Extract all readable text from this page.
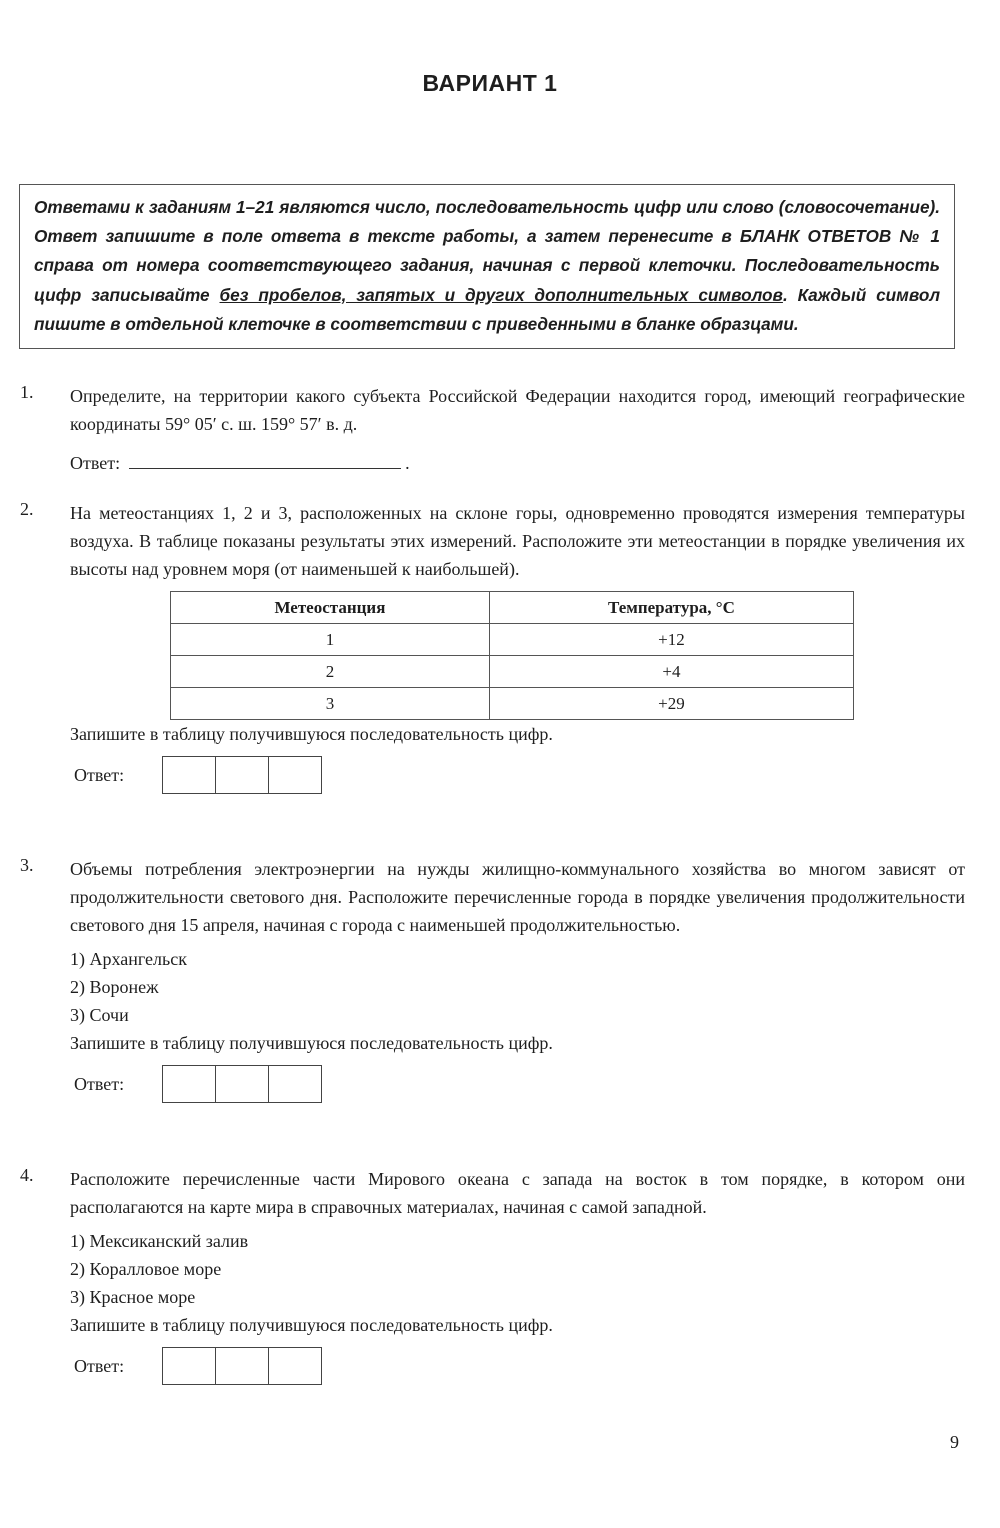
ВАРИАНТ 1
Ответами к заданиям 1–21 являются число, последовательность цифр или слово (словосочетание). Ответ запишите в поле ответа в тексте работы, а затем перенесите в БЛАНК ОТВЕТОВ № 1 справа от номера соответствующего задания, начиная с первой клеточки. Последовательность цифр записывайте без пробелов, запятых и других дополнительных символов. Каждый символ пишите в отдельной клеточке в соответствии с приведенными в бланке образцами.
1. Определите, на территории какого субъекта Российской Федерации находится город, имеющий географические координаты 59° 05′ с. ш. 159° 57′ в. д.

Ответ:	.
2. На метеостанциях 1, 2 и 3, расположенных на склоне горы, одновременно проводятся измерения температуры воздуха. В таблице показаны результаты этих измерений. Расположите эти метеостанции в порядке увеличения их высоты над уровнем моря (от наименьшей к наибольшей).

Метеостанция	Температура, °C
1	+12
2	+4
3	+29

Запишите в таблицу получившуюся последовательность цифр.

Ответ:
3. Объемы потребления электроэнергии на нужды жилищно-коммунального хозяйства во многом зависят от продолжительности светового дня. Расположите перечисленные города в порядке увеличения продолжительности светового дня 15 апреля, начиная с города с наименьшей продолжительностью.

1) Архангельск
2) Воронеж
3) Сочи

Запишите в таблицу получившуюся последовательность цифр.

Ответ:
4. Расположите перечисленные части Мирового океана с запада на восток в том порядке, в котором они располагаются на карте мира в справочных материалах, начиная с самой западной.

1) Мексиканский залив
2) Коралловое море
3) Красное море

Запишите в таблицу получившуюся последовательность цифр.

Ответ:
9
